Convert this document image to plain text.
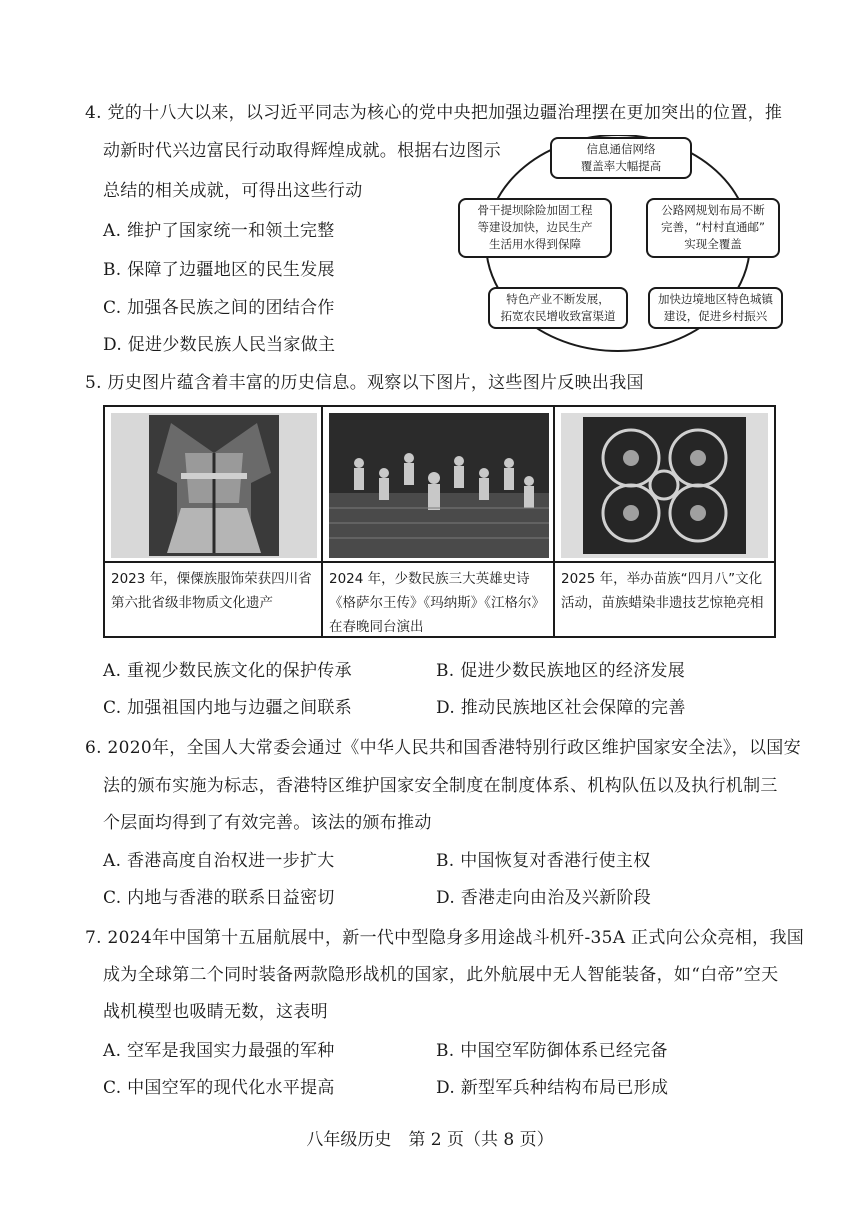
4. 党的十八大以来，以习近平同志为核心的党中央把加强边疆治理摆在更加突出的位置，推
动新时代兴边富民行动取得辉煌成就。根据右边图示
总结的相关成就，可得出这些行动
A. 维护了国家统一和领土完整
B. 保障了边疆地区的民生发展
C. 加强各民族之间的团结合作
D. 促进少数民族人民当家做主
信息通信网络
覆盖率大幅提高
骨干提坝除险加固工程
等建设加快，边民生产
生活用水得到保障
公路网规划布局不断
完善，“村村直通邮”
实现全覆盖
特色产业不断发展，
拓宽农民增收致富渠道
加快边境地区特色城镇
建设，促进乡村振兴
5. 历史图片蕴含着丰富的历史信息。观察以下图片，这些图片反映出我国
2023 年，傈僳族服饰荣获四川省第六批省级非物质文化遗产
2024 年，少数民族三大英雄史诗《格萨尔王传》《玛纳斯》《江格尔》在春晚同台演出
2025 年，举办苗族“四月八”文化活动，苗族蜡染非遗技艺惊艳亮相
A. 重视少数民族文化的保护传承	B. 促进少数民族地区的经济发展
C. 加强祖国内地与边疆之间联系	D. 推动民族地区社会保障的完善
6. 2020年，全国人大常委会通过《中华人民共和国香港特别行政区维护国家安全法》，以国安
法的颁布实施为标志，香港特区维护国家安全制度在制度体系、机构队伍以及执行机制三
个层面均得到了有效完善。该法的颁布推动
A. 香港高度自治权进一步扩大	B. 中国恢复对香港行使主权
C. 内地与香港的联系日益密切	D. 香港走向由治及兴新阶段
7. 2024年中国第十五届航展中，新一代中型隐身多用途战斗机歼-35A 正式向公众亮相，我国
成为全球第二个同时装备两款隐形战机的国家，此外航展中无人智能装备，如“白帝”空天
战机模型也吸睛无数，这表明
A. 空军是我国实力最强的军种	B. 中国空军防御体系已经完备
C. 中国空军的现代化水平提高	D. 新型军兵种结构布局已形成
八年级历史　第 2 页（共 8 页）
